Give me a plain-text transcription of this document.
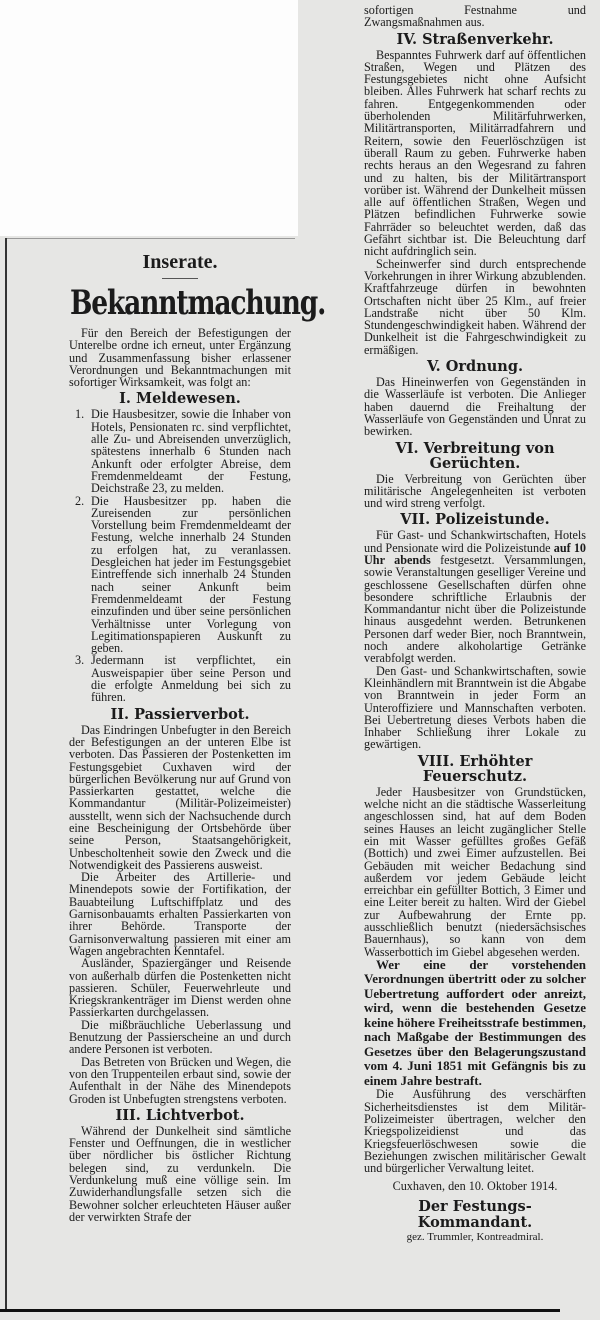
Inserate.
Bekanntmachung.

Für den Bereich der Befestigungen der Unterelbe ordne ich erneut, unter Ergänzung und Zusammenfassung bisher erlassener Verordnungen und Bekanntmachungen mit sofortiger Wirksamkeit, was folgt an:

I. Meldewesen.
1. Die Hausbesitzer, sowie die Inhaber von Hotels, Pensionaten rc. sind verpflichtet, alle Zu- und Abreisenden unverzüglich, spätestens innerhalb 6 Stunden nach Ankunft oder erfolgter Abreise, dem Fremdenmeldeamt der Festung, Deichstraße 23, zu melden.
2. Die Hausbesitzer pp. haben die Zureisenden zur persönlichen Vorstellung beim Fremdenmeldeamt der Festung, welche innerhalb 24 Stunden zu erfolgen hat, zu veranlassen. Desgleichen hat jeder im Festungsgebiet Eintreffende sich innerhalb 24 Stunden nach seiner Ankunft beim Fremdenmeldeamt der Festung einzufinden und über seine persönlichen Verhältnisse unter Vorlegung von Legitimationspapieren Auskunft zu geben.
3. Jedermann ist verpflichtet, ein Ausweispapier über seine Person und die erfolgte Anmeldung bei sich zu führen.
II. Passierverbot.

Das Eindringen Unbefugter in den Bereich der Befestigungen an der unteren Elbe ist verboten. Das Passieren der Postenketten im Festungsgebiet Cuxhaven wird der bürgerlichen Bevölkerung nur auf Grund von Passierkarten gestattet, welche die Kommandantur (Militär-Polizeimeister) ausstellt, wenn sich der Nachsuchende durch eine Bescheinigung der Ortsbehörde über seine Person, Staatsangehörigkeit, Unbescholtenheit sowie den Zweck und die Notwendigkeit des Passierens ausweist.

Die Arbeiter des Artillerie- und Minendepots sowie der Fortifikation, der Bauabteilung Luftschiffplatz und des Garnisonbauamts erhalten Passierkarten von ihrer Behörde. Transporte der Garnisonverwaltung passieren mit einer am Wagen angebrachten Kenntafel.

Ausländer, Spaziergänger und Reisende von außerhalb dürfen die Postenketten nicht passieren. Schüler, Feuerwehrleute und Kriegskrankenträger im Dienst werden ohne Passierkarten durchgelassen.

Die mißbräuchliche Ueberlassung und Benutzung der Passierscheine an und durch andere Personen ist verboten.

Das Betreten von Brücken und Wegen, die von den Truppenteilen erbaut sind, sowie der Aufenthalt in der Nähe des Minendepots Groden ist Unbefugten strengstens verboten.

III. Lichtverbot.

Während der Dunkelheit sind sämtliche Fenster und Oeffnungen, die in westlicher über nördlicher bis östlicher Richtung belegen sind, zu verdunkeln. Die Verdunkelung muß eine völlige sein. Im Zuwiderhandlungsfalle setzen sich die Bewohner solcher erleuchteten Häuser außer der verwirkten Strafe der

sofortigen Festnahme und Zwangsmaßnahmen aus.

IV. Straßenverkehr.

Bespanntes Fuhrwerk darf auf öffentlichen Straßen, Wegen und Plätzen des Festungsgebietes nicht ohne Aufsicht bleiben. Alles Fuhrwerk hat scharf rechts zu fahren. Entgegenkommenden oder überholenden Militärfuhrwerken, Militärtransporten, Militärradfahrern und Reitern, sowie den Feuerlöschzügen ist überall Raum zu geben. Fuhrwerke haben rechts heraus an den Wegesrand zu fahren und zu halten, bis der Militärtransport vorüber ist. Während der Dunkelheit müssen alle auf öffentlichen Straßen, Wegen und Plätzen befindlichen Fuhrwerke sowie Fahrräder so beleuchtet werden, daß das Gefährt sichtbar ist. Die Beleuchtung darf nicht aufdringlich sein.

Scheinwerfer sind durch entsprechende Vorkehrungen in ihrer Wirkung abzublenden. Kraftfahrzeuge dürfen in bewohnten Ortschaften nicht über 25 Klm., auf freier Landstraße nicht über 50 Klm. Stundengeschwindigkeit haben. Während der Dunkelheit ist die Fahrgeschwindigkeit zu ermäßigen.

V. Ordnung.

Das Hineinwerfen von Gegenständen in die Wasserläufe ist verboten. Die Anlieger haben dauernd die Freihaltung der Wasserläufe von Gegenständen und Unrat zu bewirken.

VI. Verbreitung von Gerüchten.

Die Verbreitung von Gerüchten über militärische Angelegenheiten ist verboten und wird streng verfolgt.

VII. Polizeistunde.

Für Gast- und Schankwirtschaften, Hotels und Pensionate wird die Polizeistunde auf 10 Uhr abends festgesetzt. Versammlungen, sowie Veranstaltungen geselliger Vereine und geschlossene Gesellschaften dürfen ohne besondere schriftliche Erlaubnis der Kommandantur nicht über die Polizeistunde hinaus ausgedehnt werden. Betrunkenen Personen darf weder Bier, noch Branntwein, noch andere alkoholartige Getränke verabfolgt werden.

Den Gast- und Schankwirtschaften, sowie Kleinhändlern mit Branntwein ist die Abgabe von Branntwein in jeder Form an Unteroffiziere und Mannschaften verboten. Bei Uebertretung dieses Verbots haben die Inhaber Schließung ihrer Lokale zu gewärtigen.

VIII. Erhöhter Feuerschutz.

Jeder Hausbesitzer von Grundstücken, welche nicht an die städtische Wasserleitung angeschlossen sind, hat auf dem Boden seines Hauses an leicht zugänglicher Stelle ein mit Wasser gefülltes großes Gefäß (Bottich) und zwei Eimer aufzustellen. Bei Gebäuden mit weicher Bedachung sind außerdem vor jedem Gebäude leicht erreichbar ein gefüllter Bottich, 3 Eimer und eine Leiter bereit zu halten. Wird der Giebel zur Aufbewahrung der Ernte pp. ausschließlich benutzt (niedersächsisches Bauernhaus), so kann von dem Wasserbottich im Giebel abgesehen werden.

Wer eine der vorstehenden Verordnungen übertritt oder zu solcher Uebertretung auffordert oder anreizt, wird, wenn die bestehenden Gesetze keine höhere Freiheitsstrafe bestimmen, nach Maßgabe der Bestimmungen des Gesetzes über den Belagerungszustand vom 4. Juni 1851 mit Gefängnis bis zu einem Jahre bestraft.

Die Ausführung des verschärften Sicherheitsdienstes ist dem Militär-Polizeimeister übertragen, welcher den Kriegspolizeidienst und das Kriegsfeuerlöschwesen sowie die Beziehungen zwischen militärischer Gewalt und bürgerlicher Verwaltung leitet.

Cuxhaven, den 10. Oktober 1914.

Der Festungs-Kommandant.

gez. Trummler, Kontreadmiral.
